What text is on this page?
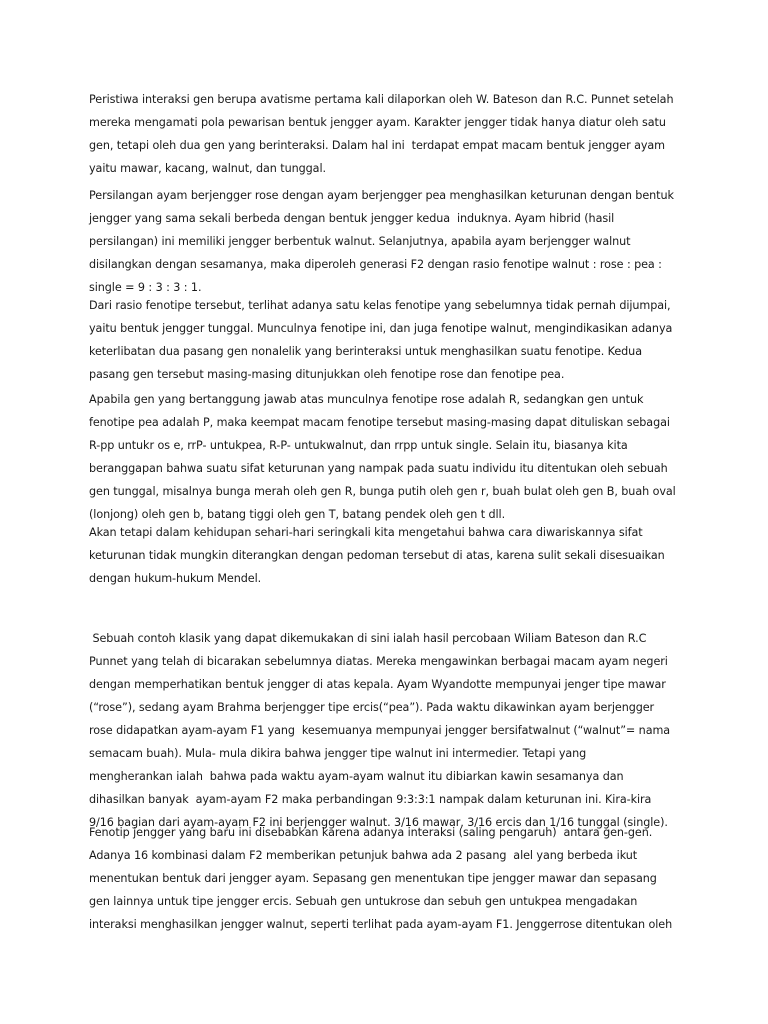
Peristiwa interaksi gen berupa avatisme pertama kali dilaporkan oleh W. Bateson dan R.C. Punnet setelah
mereka mengamati pola pewarisan bentuk jengger ayam. Karakter jengger tidak hanya diatur oleh satu
gen, tetapi oleh dua gen yang berinteraksi. Dalam hal ini  terdapat empat macam bentuk jengger ayam
yaitu mawar, kacang, walnut, dan tunggal.

Persilangan ayam berjengger rose dengan ayam berjengger pea menghasilkan keturunan dengan bentuk
jengger yang sama sekali berbeda dengan bentuk jengger kedua  induknya. Ayam hibrid (hasil
persilangan) ini memiliki jengger berbentuk walnut. Selanjutnya, apabila ayam berjengger walnut
disilangkan dengan sesamanya, maka diperoleh generasi F2 dengan rasio fenotipe walnut : rose : pea :
single = 9 : 3 : 3 : 1.

Dari rasio fenotipe tersebut, terlihat adanya satu kelas fenotipe yang sebelumnya tidak pernah dijumpai,
yaitu bentuk jengger tunggal. Munculnya fenotipe ini, dan juga fenotipe walnut, mengindikasikan adanya
keterlibatan dua pasang gen nonalelik yang berinteraksi untuk menghasilkan suatu fenotipe. Kedua
pasang gen tersebut masing-masing ditunjukkan oleh fenotipe rose dan fenotipe pea.

Apabila gen yang bertanggung jawab atas munculnya fenotipe rose adalah R, sedangkan gen untuk
fenotipe pea adalah P, maka keempat macam fenotipe tersebut masing-masing dapat dituliskan sebagai
R-pp untukr os e, rrP- untukpea, R-P- untukwalnut, dan rrpp untuk single. Selain itu, biasanya kita
beranggapan bahwa suatu sifat keturunan yang nampak pada suatu individu itu ditentukan oleh sebuah
gen tunggal, misalnya bunga merah oleh gen R, bunga putih oleh gen r, buah bulat oleh gen B, buah oval
(lonjong) oleh gen b, batang tiggi oleh gen T, batang pendek oleh gen t dll.

Akan tetapi dalam kehidupan sehari-hari seringkali kita mengetahui bahwa cara diwariskannya sifat
keturunan tidak mungkin diterangkan dengan pedoman tersebut di atas, karena sulit sekali disesuaikan
dengan hukum-hukum Mendel.

Sebuah contoh klasik yang dapat dikemukakan di sini ialah hasil percobaan Wiliam Bateson dan R.C
Punnet yang telah di bicarakan sebelumnya diatas. Mereka mengawinkan berbagai macam ayam negeri
dengan memperhatikan bentuk jengger di atas kepala. Ayam Wyandotte mempunyai jenger tipe mawar
(“rose”), sedang ayam Brahma berjengger tipe ercis(“pea”). Pada waktu dikawinkan ayam berjengger
rose didapatkan ayam-ayam F1 yang  kesemuanya mempunyai jengger bersifatwalnut (“walnut”= nama
semacam buah). Mula- mula dikira bahwa jengger tipe walnut ini intermedier. Tetapi yang
mengherankan ialah  bahwa pada waktu ayam-ayam walnut itu dibiarkan kawin sesamanya dan
dihasilkan banyak  ayam-ayam F2 maka perbandingan 9:3:3:1 nampak dalam keturunan ini. Kira-kira
9/16 bagian dari ayam-ayam F2 ini berjengger walnut. 3/16 mawar, 3/16 ercis dan 1/16 tunggal (single).

Fenotip jengger yang baru ini disebabkan karena adanya interaksi (saling pengaruh)  antara gen-gen.
Adanya 16 kombinasi dalam F2 memberikan petunjuk bahwa ada 2 pasang  alel yang berbeda ikut
menentukan bentuk dari jengger ayam. Sepasang gen menentukan tipe jengger mawar dan sepasang
gen lainnya untuk tipe jengger ercis. Sebuah gen untukrose dan sebuh gen untukpea mengadakan
interaksi menghasilkan jengger walnut, seperti terlihat pada ayam-ayam F1. Jenggerrose ditentukan oleh
